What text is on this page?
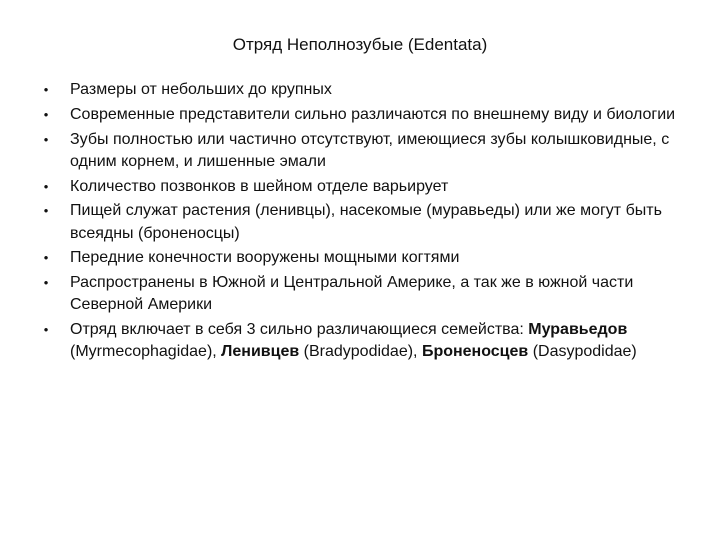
Отряд Неполнозубые (Edentata)
• Размеры от небольших до крупных
• Современные представители сильно различаются по внешнему виду и биологии
• Зубы полностью или частично отсутствуют, имеющиеся зубы колышковидные, с одним корнем, и лишенные эмали
• Количество позвонков в шейном отделе варьирует
• Пищей служат растения (ленивцы), насекомые (муравьеды) или же могут быть всеядны (броненосцы)
• Передние конечности вооружены мощными когтями
• Распространены в Южной и Центральной Америке, а так же в южной части Северной Америки
• Отряд включает в себя 3 сильно различающиеся семейства: Муравьедов (Myrmecophagidae), Ленивцев (Bradypodidae), Броненосцев (Dasypodidae)
